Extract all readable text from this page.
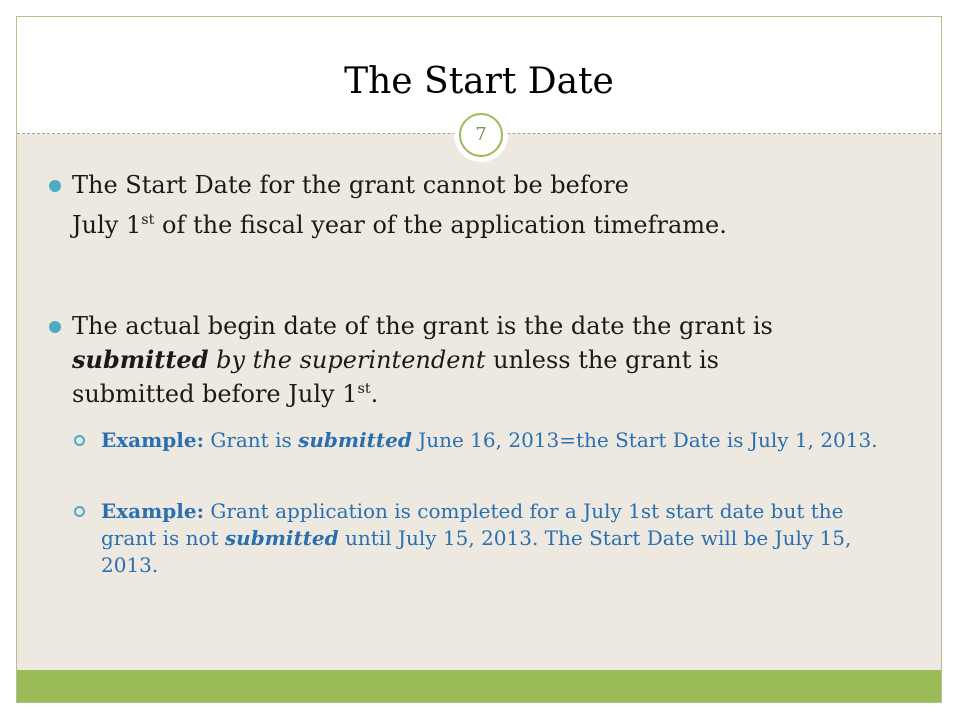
The Start Date
7
The Start Date for the grant cannot be before
July 1st of the fiscal year of the application timeframe.
The actual begin date of the grant is the date the grant is
submitted by the superintendent unless the grant is
submitted before July 1st.
Example: Grant is submitted June 16, 2013=the Start Date is July 1, 2013.
Example: Grant application is completed for a July 1st start date but the grant is not submitted until July 15, 2013. The Start Date will be July 15, 2013.
